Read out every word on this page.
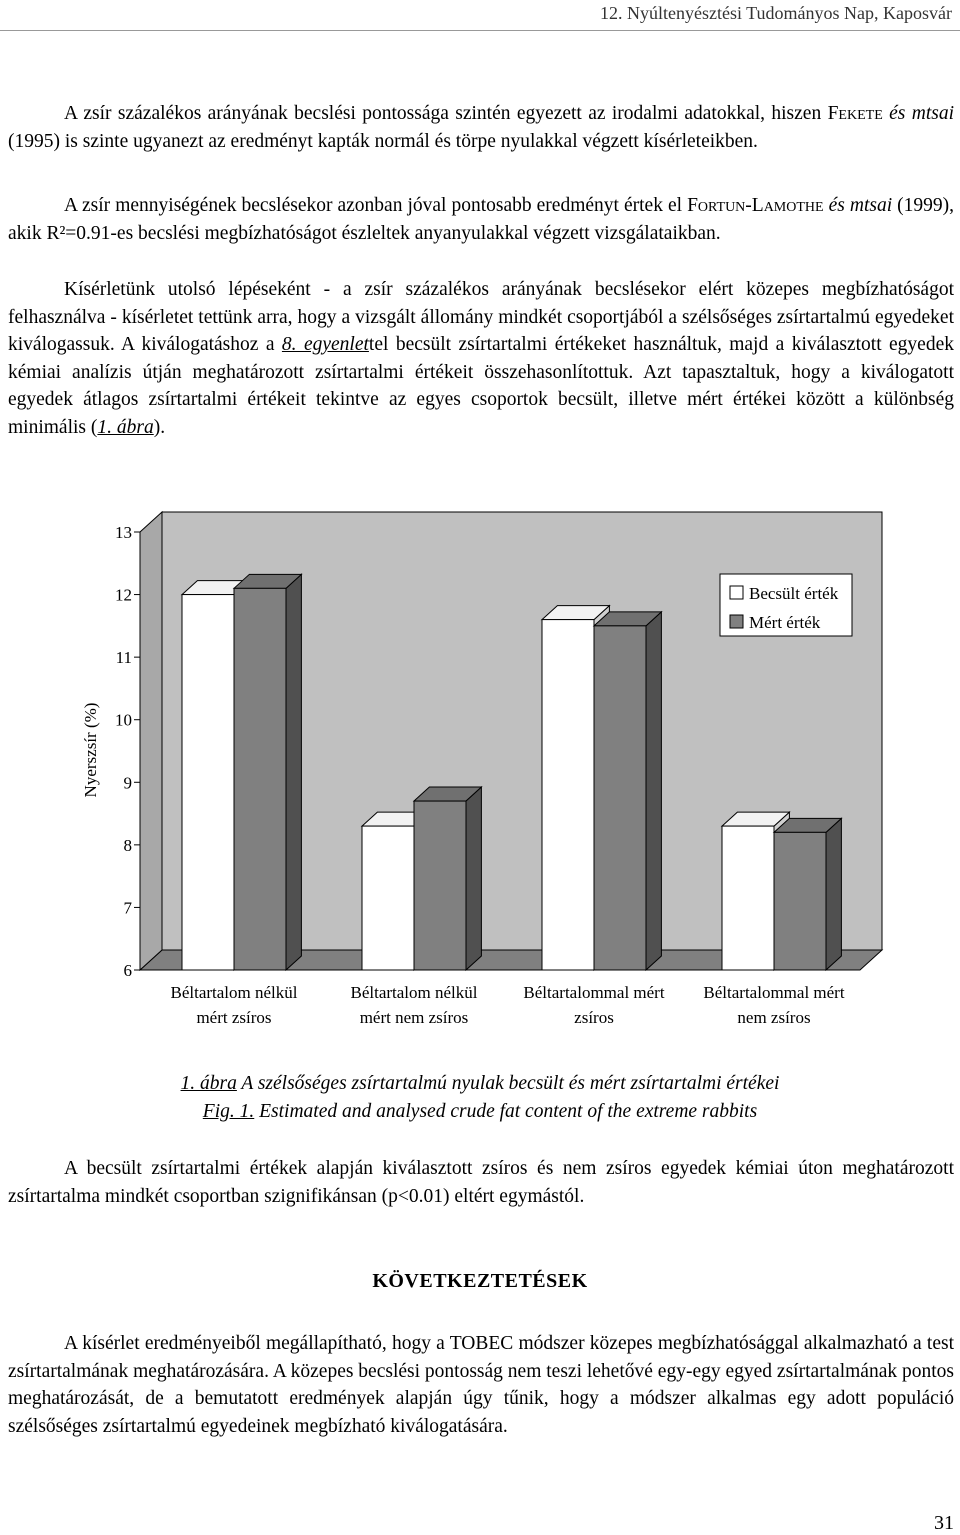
12. Nyúltenyésztési Tudományos Nap, Kaposvár

A zsír százalékos arányának becslési pontossága szintén egyezett az irodalmi adatokkal, hiszen Fekete és mtsai (1995) is szinte ugyanezt az eredményt kapták normál és törpe nyulakkal végzett kísérleteikben.

A zsír mennyiségének becslésekor azonban jóval pontosabb eredményt értek el Fortun-Lamothe és mtsai (1999), akik R²=0.91-es becslési megbízhatóságot észleltek anyanyulakkal végzett vizsgálataikban.

Kísérletünk utolsó lépéseként - a zsír százalékos arányának becslésekor elért közepes megbízhatóságot felhasználva - kísérletet tettünk arra, hogy a vizsgált állomány mindkét csoportjából a szélsőséges zsírtartalmú egyedeket kiválogassuk. A kiválogatáshoz a 8. egyenlettel becsült zsírtartalmi értékeket használtuk, majd a kiválasztott egyedek kémiai analízis útján meghatározott zsírtartalmi értékeit összehasonlítottuk. Azt tapasztaltuk, hogy a kiválogatott egyedek átlagos zsírtartalmi értékeit tekintve az egyes csoportok becsült, illetve mért értékei között a különbség minimális (1. ábra).

6
7
8
9
10
11
12
13
Nyerszsír (%)
Béltartalom nélkül
mért zsíros
Béltartalom nélkül
mért nem zsíros
Béltartalommal mért
zsíros
Béltartalommal mért
nem zsíros
Becsült érték
Mért érték
1. ábra A szélsőséges zsírtartalmú nyulak becsült és mért zsírtartalmi értékei
Fig. 1. Estimated and analysed crude fat content of the extreme rabbits

A becsült zsírtartalmi értékek alapján kiválasztott zsíros és nem zsíros egyedek kémiai úton meghatározott zsírtartalma mindkét csoportban szignifikánsan (p<0.01) eltért egymástól.

KÖVETKEZTETÉSEK

A kísérlet eredményeiből megállapítható, hogy a TOBEC módszer közepes megbízhatósággal alkalmazható a test zsírtartalmának meghatározására. A közepes becslési pontosság nem teszi lehetővé egy-egy egyed zsírtartalmának pontos meghatározását, de a bemutatott eredmények alapján úgy tűnik, hogy a módszer alkalmas egy adott populáció szélsőséges zsírtartalmú egyedeinek megbízható kiválogatására.

31
